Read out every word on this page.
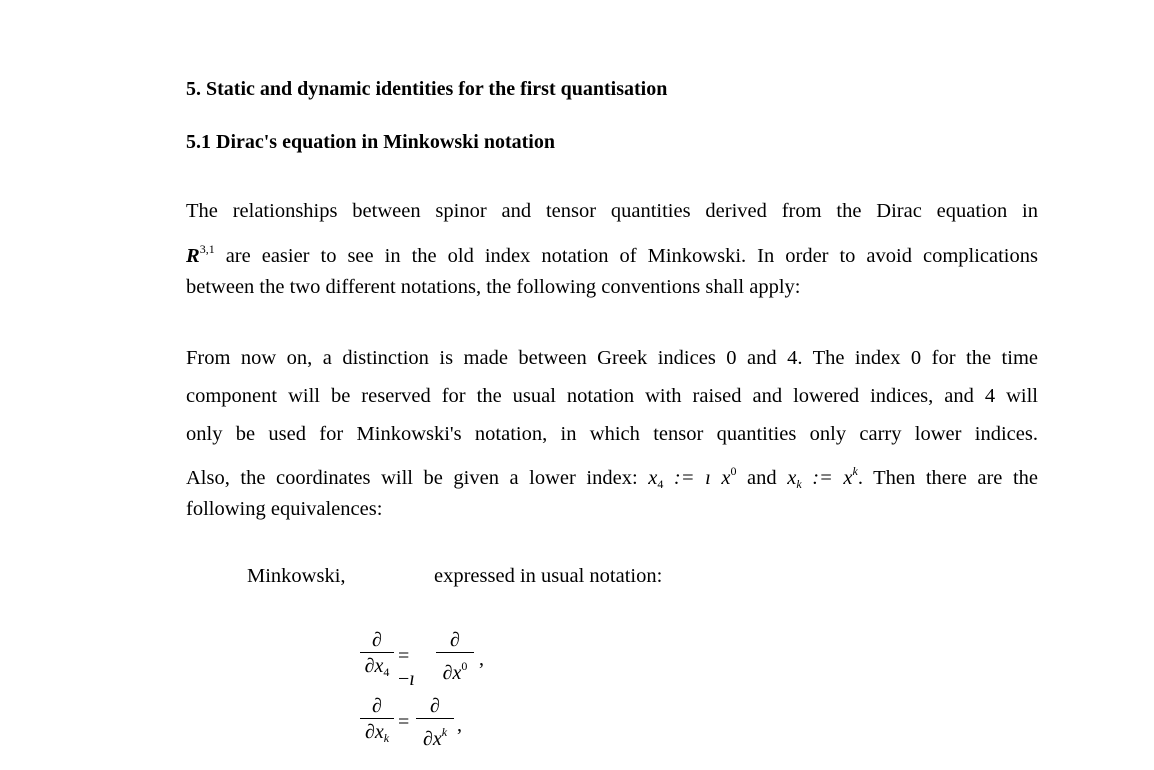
5. Static and dynamic identities for the first quantisation
5.1 Dirac's equation in Minkowski notation
The relationships between spinor and tensor quantities derived from the Dirac equation in
R$^{3,1}$ are easier to see in the old index notation of Minkowski. In order to avoid complications
between the two different notations, the following conventions shall apply:
From now on, a distinction is made between Greek indices 0 and 4. The index 0 for the time
component will be reserved for the usual notation with raised and lowered indices, and 4 will
only be used for Minkowski's notation, in which tensor quantities only carry lower indices.
Also, the coordinates will be given a lower index: $x_4$ := ı $x^0$ and xk := $x^k$. Then there are the
following equivalences:
Minkowski,	expressed in usual notation:
∂
$\partial x_4$
= −ı
∂
$\partial x^0$ ,
∂
$\partial x_k$
=
∂
$\partial x^k$ ,
